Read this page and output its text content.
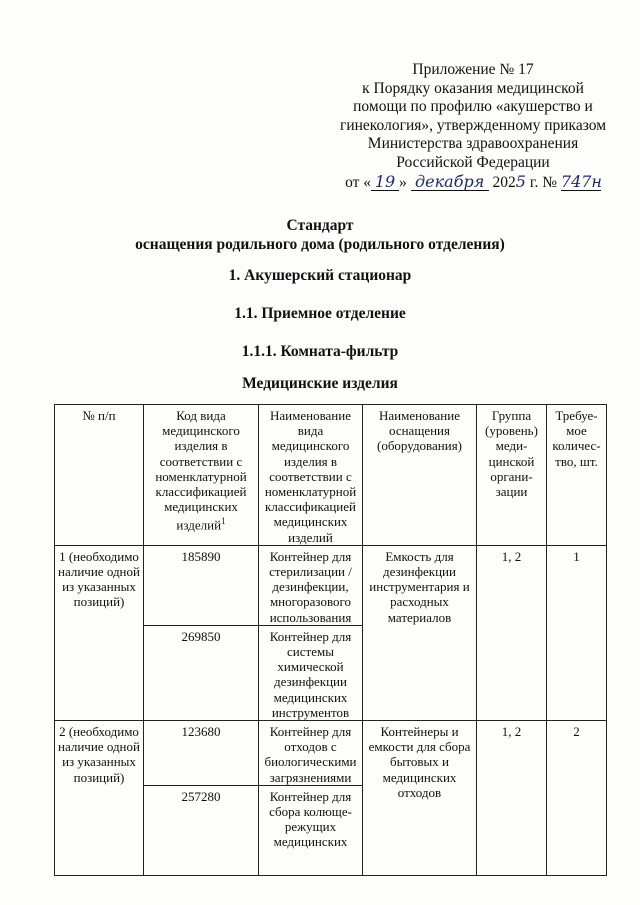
Приложение № 17
к Порядку оказания медицинской
помощи по профилю «акушерство и
гинекология», утвержденному приказом
Министерства здравоохранения
Российской Федерации
от « 19 » декабря 2025 г. № 747н
Стандарт
оснащения родильного дома (родильного отделения)
1. Акушерский стационар
1.1. Приемное отделение
1.1.1. Комната-фильтр
Медицинские изделия
№ п/п	Код вида медицинского изделия в соответствии с номенклатурной классификацией медицинских изделий$^1$	Наименование вида медицинского изделия в соответствии с номенклатурной классификацией медицинских изделий	Наименование оснащения (оборудования)	Группа (уровень) меди-цинской органи-зации	Требуе-мое количес-тво, шт.
1 (необходимо наличие одной из указанных позиций)	185890	Контейнер для стерилизации /дезинфекции, многоразового использования	Емкость для дезинфекции инструментария и расходных материалов	1, 2	1
	269850	Контейнер для системы химической дезинфекции медицинских инструментов			
2 (необходимо наличие одной из указанных позиций)	123680	Контейнер для отходов с биологическими загрязнениями	Контейнеры и емкости для сбора бытовых и медицинских отходов	1, 2	2
	257280	Контейнер для сбора колюще-режущих медицинских			
